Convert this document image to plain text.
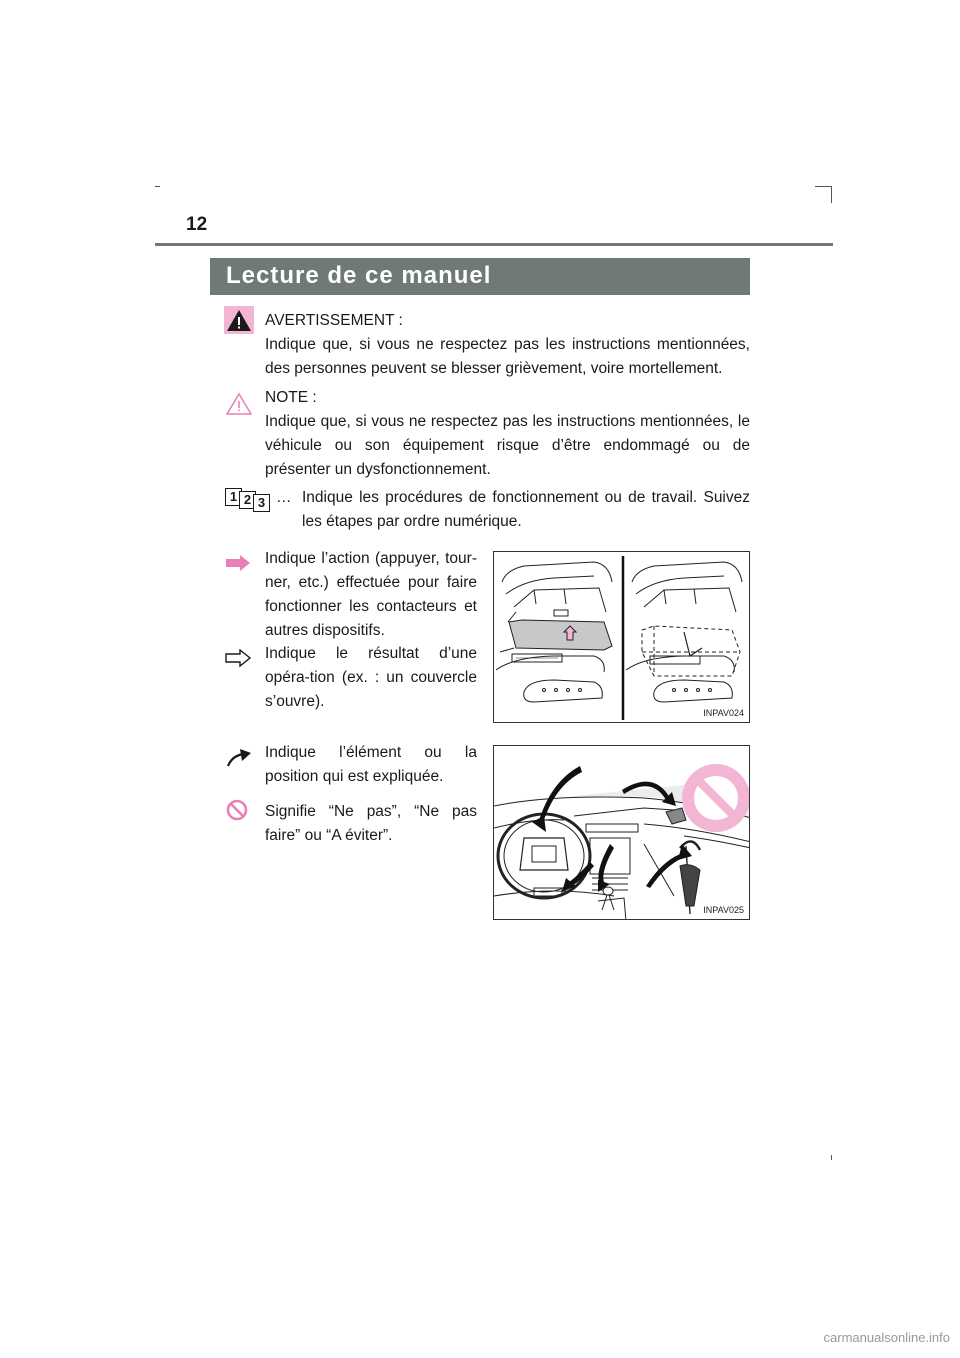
12
Lecture de ce manuel
AVERTISSEMENT :

Indique que, si vous ne respectez pas les instructions mentionnées, des personnes peuvent se blesser grièvement, voire mortellement.

NOTE :

Indique que, si vous ne respectez pas les instructions mentionnées, le véhicule ou son équipement risque d’être endommagé ou de présenter un dysfonctionnement.

1 2 3 … Indique les procédures de fonctionnement ou de travail. Suivez les étapes par ordre numérique.
Indique l’action (appuyer, tour-ner, etc.) effectuée pour faire fonctionner les contacteurs et autres dispositifs.
Indique le résultat d’une opéra-tion (ex. : un couvercle s’ouvre).
INPAV024
Indique l’élément ou la position qui est expliquée.
Signifie “Ne pas”, “Ne pas faire” ou “A éviter”.
INPAV025
carmanualsonline.info
